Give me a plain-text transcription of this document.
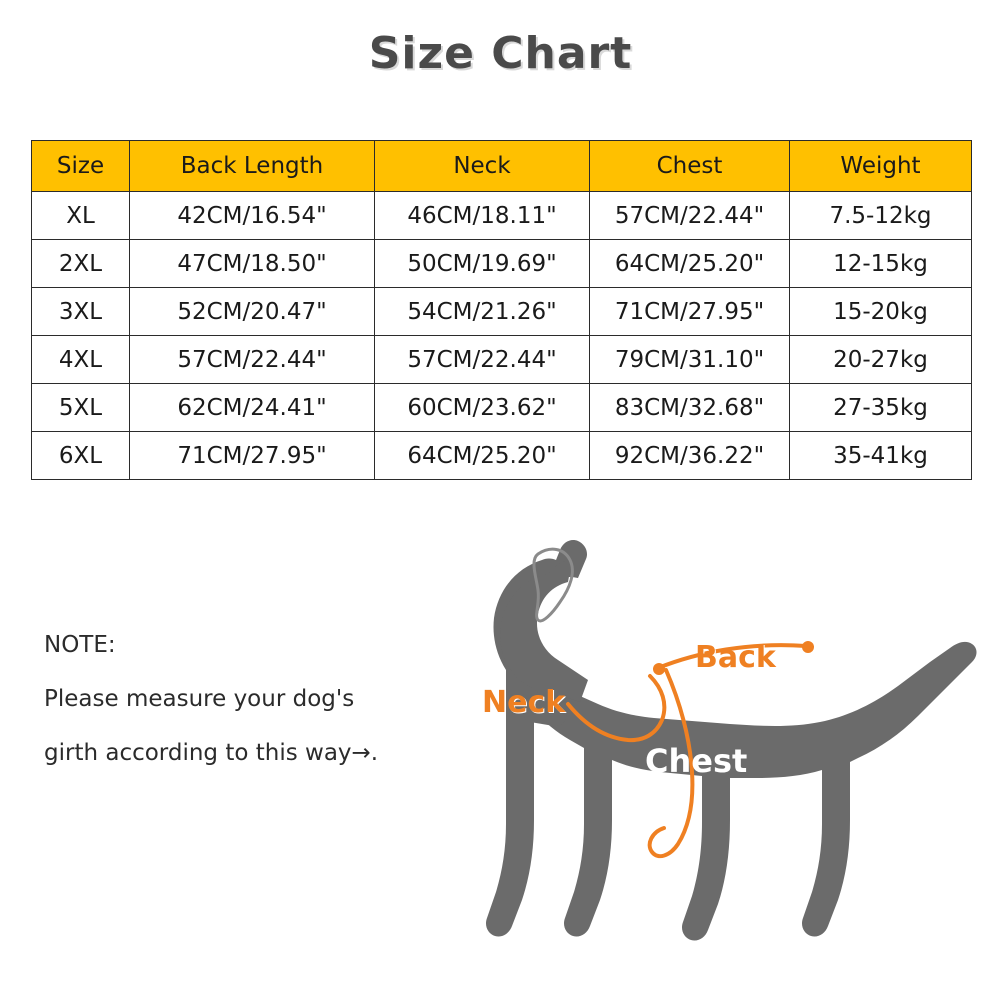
Size Chart
Size	Back Length	Neck	Chest	Weight
XL	42CM/16.54"	46CM/18.11"	57CM/22.44"	7.5-12kg
2XL	47CM/18.50"	50CM/19.69"	64CM/25.20"	12-15kg
3XL	52CM/20.47"	54CM/21.26"	71CM/27.95"	15-20kg
4XL	57CM/22.44"	57CM/22.44"	79CM/31.10"	20-27kg
5XL	62CM/24.41"	60CM/23.62"	83CM/32.68"	27-35kg
6XL	71CM/27.95"	64CM/25.20"	92CM/36.22"	35-41kg
NOTE:
Please measure your dog's
girth according to this way→.
Neck
Back
Chest
